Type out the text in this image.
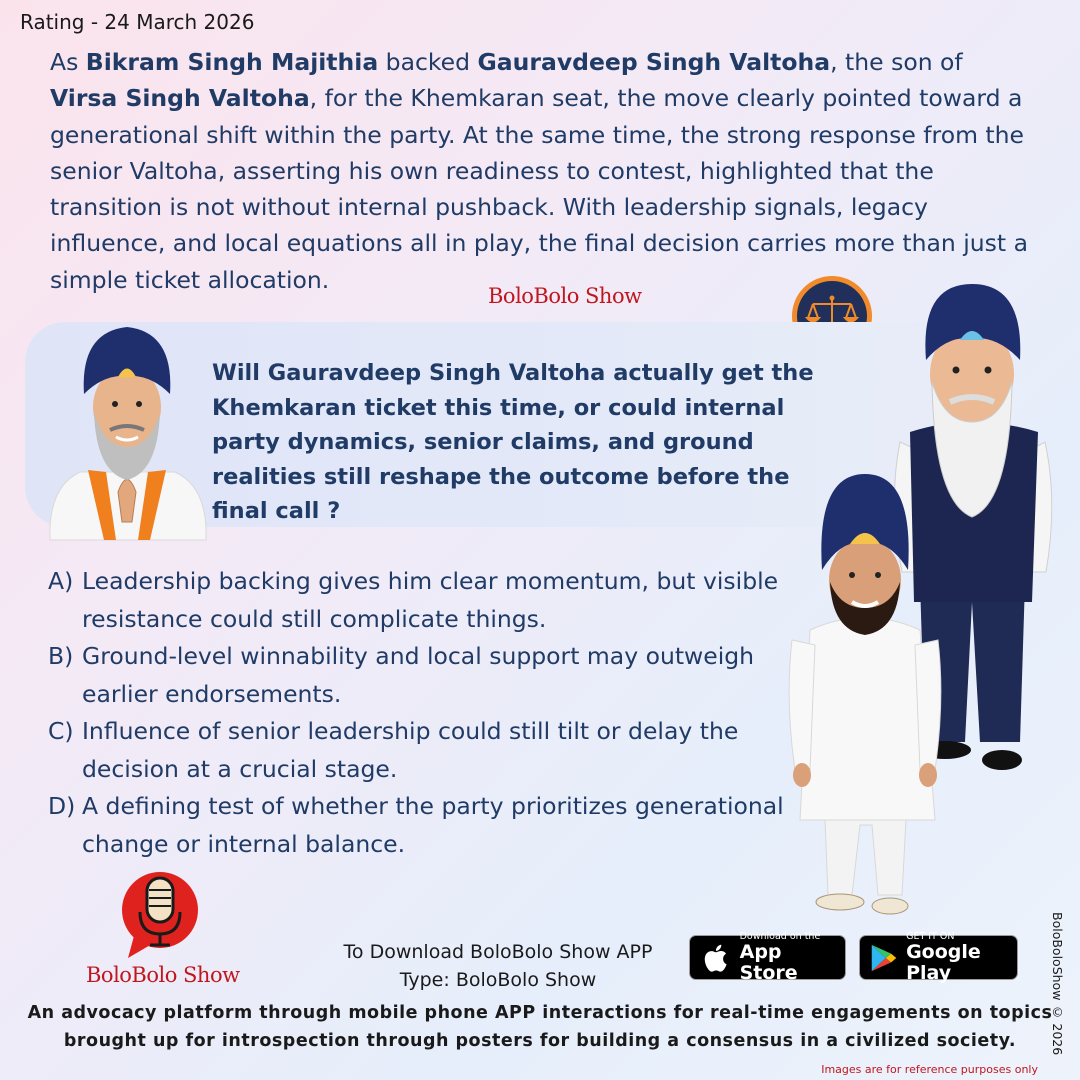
Rating - 24 March 2026
As Bikram Singh Majithia backed Gauravdeep Singh Valtoha, the son of Virsa Singh Valtoha, for the Khemkaran seat, the move clearly pointed toward a generational shift within the party. At the same time, the strong response from the senior Valtoha, asserting his own readiness to contest, highlighted that the transition is not without internal pushback. With leadership signals, legacy influence, and local equations all in play, the final decision carries more than just a simple ticket allocation.
BoloBolo Show
Will Gauravdeep Singh Valtoha actually get the Khemkaran ticket this time, or could internal party dynamics, senior claims, and ground realities still reshape the outcome before the final call ?
A) Leadership backing gives him clear momentum, but visible resistance could still complicate things.
B) Ground-level winnability and local support may outweigh earlier endorsements.
C) Influence of senior leadership could still tilt or delay the decision at a crucial stage.
D) A defining test of whether the party prioritizes generational change or internal balance.
BoloBolo Show
To Download BoloBolo Show APP
Type: BoloBolo Show
Download on the
App Store
GET IT ON
Google Play
An advocacy platform through mobile phone APP interactions for real-time engagements on topics
brought up for introspection through posters for building a consensus in a civilized society.
Images are for reference purposes only
BoloBoloShow © 2026
